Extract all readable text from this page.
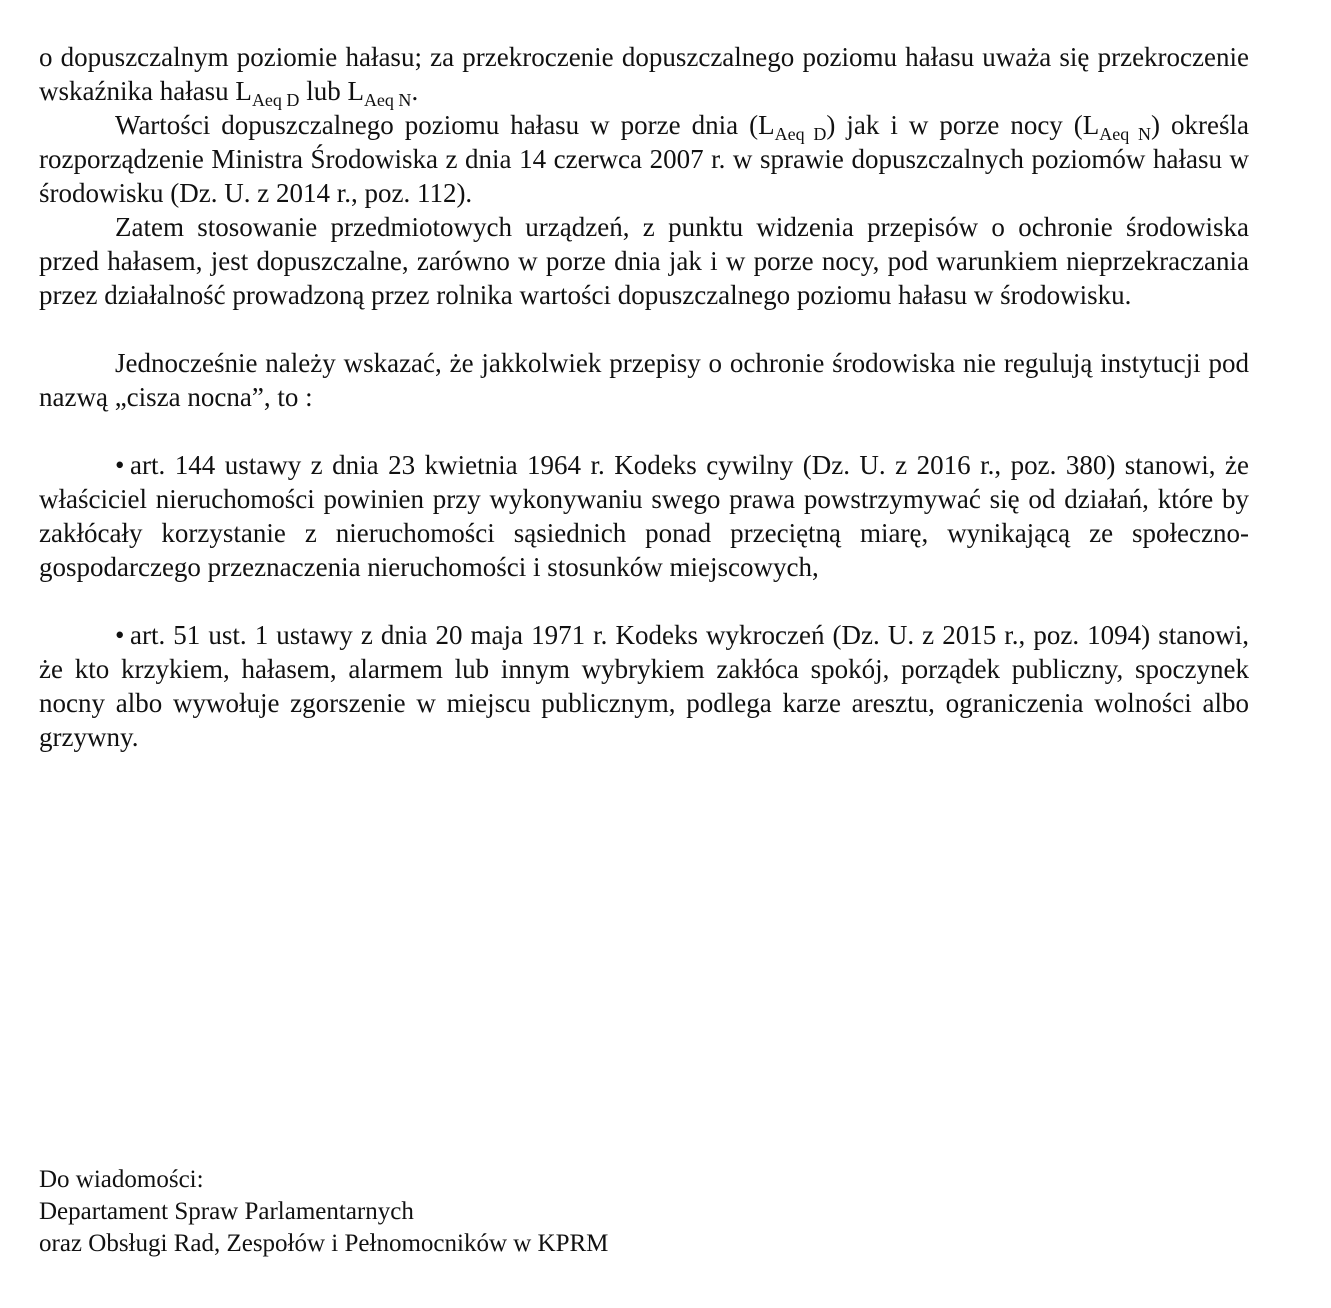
o dopuszczalnym poziomie hałasu; za przekroczenie dopuszczalnego poziomu hałasu uważa się przekroczenie wskaźnika hałasu $L_{Aeq D}$ lub $L_{Aeq N}$.

Wartości dopuszczalnego poziomu hałasu w porze dnia $(L_{Aeq D})$ jak i w porze nocy $(L_{Aeq N})$ określa rozporządzenie Ministra Środowiska z dnia 14 czerwca 2007 r. w sprawie dopuszczalnych poziomów hałasu w środowisku (Dz. U. z 2014 r., poz. 112).

Zatem stosowanie przedmiotowych urządzeń, z punktu widzenia przepisów o ochronie środowiska przed hałasem, jest dopuszczalne, zarówno w porze dnia jak i w porze nocy, pod warunkiem nieprzekraczania przez działalność prowadzoną przez rolnika wartości dopuszczalnego poziomu hałasu w środowisku.

Jednocześnie należy wskazać, że jakkolwiek przepisy o ochronie środowiska nie regulują instytucji pod nazwą „cisza nocna”, to :

• art. 144 ustawy z dnia 23 kwietnia 1964 r. Kodeks cywilny (Dz. U. z 2016 r., poz. 380) stanowi, że właściciel nieruchomości powinien przy wykonywaniu swego prawa powstrzymywać się od działań, które by zakłócały korzystanie z nieruchomości sąsiednich ponad przeciętną miarę, wynikającą ze społeczno-gospodarczego przeznaczenia nieruchomości i stosunków miejscowych,

• art. 51 ust. 1 ustawy z dnia 20 maja 1971 r. Kodeks wykroczeń (Dz. U. z 2015 r., poz. 1094) stanowi, że kto krzykiem, hałasem, alarmem lub innym wybrykiem zakłóca spokój, porządek publiczny, spoczynek nocny albo wywołuje zgorszenie w miejscu publicznym, podlega karze aresztu, ograniczenia wolności albo grzywny.

Do wiadomości:
Departament Spraw Parlamentarnych
oraz Obsługi Rad, Zespołów i Pełnomocników w KPRM
